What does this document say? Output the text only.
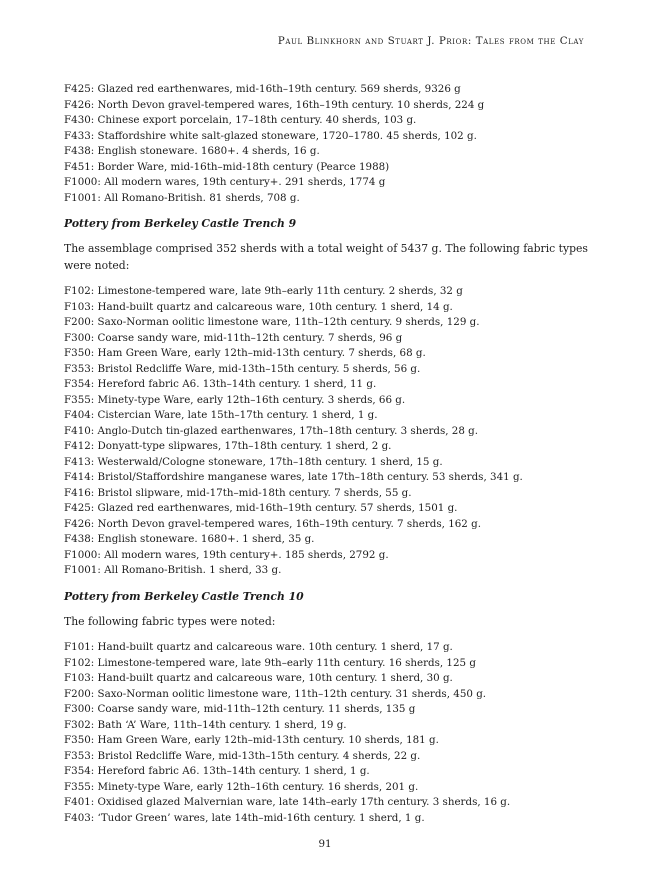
Paul Blinkhorn and Stuart J. Prior: Tales from the Clay
F425: Glazed red earthenwares, mid-16th–19th century. 569 sherds, 9326 g
F426: North Devon gravel-tempered wares, 16th–19th century. 10 sherds, 224 g
F430: Chinese export porcelain, 17–18th century. 40 sherds, 103 g.
F433: Staffordshire white salt-glazed stoneware, 1720–1780. 45 sherds, 102 g.
F438: English stoneware. 1680+. 4 sherds, 16 g.
F451: Border Ware, mid-16th–mid-18th century (Pearce 1988)
F1000: All modern wares, 19th century+. 291 sherds, 1774 g
F1001: All Romano-British. 81 sherds, 708 g.
Pottery from Berkeley Castle Trench 9
The assemblage comprised 352 sherds with a total weight of 5437 g. The following fabric types were noted:
F102: Limestone-tempered ware, late 9th–early 11th century. 2 sherds, 32 g
F103: Hand-built quartz and calcareous ware, 10th century. 1 sherd, 14 g.
F200: Saxo-Norman oolitic limestone ware, 11th–12th century. 9 sherds, 129 g.
F300: Coarse sandy ware, mid-11th–12th century. 7 sherds, 96 g
F350: Ham Green Ware, early 12th–mid-13th century. 7 sherds, 68 g.
F353: Bristol Redcliffe Ware, mid-13th–15th century. 5 sherds, 56 g.
F354: Hereford fabric A6. 13th–14th century. 1 sherd, 11 g.
F355: Minety-type Ware, early 12th–16th century. 3 sherds, 66 g.
F404: Cistercian Ware, late 15th–17th century. 1 sherd, 1 g.
F410: Anglo-Dutch tin-glazed earthenwares, 17th–18th century. 3 sherds, 28 g.
F412: Donyatt-type slipwares, 17th–18th century. 1 sherd, 2 g.
F413: Westerwald/Cologne stoneware, 17th–18th century. 1 sherd, 15 g.
F414: Bristol/Staffordshire manganese wares, late 17th–18th century. 53 sherds, 341 g.
F416: Bristol slipware, mid-17th–mid-18th century. 7 sherds, 55 g.
F425: Glazed red earthenwares, mid-16th–19th century. 57 sherds, 1501 g.
F426: North Devon gravel-tempered wares, 16th–19th century. 7 sherds, 162 g.
F438: English stoneware. 1680+. 1 sherd, 35 g.
F1000: All modern wares, 19th century+. 185 sherds, 2792 g.
F1001: All Romano-British. 1 sherd, 33 g.
Pottery from Berkeley Castle Trench 10
The following fabric types were noted:
F101: Hand-built quartz and calcareous ware. 10th century. 1 sherd, 17 g.
F102: Limestone-tempered ware, late 9th–early 11th century. 16 sherds, 125 g
F103: Hand-built quartz and calcareous ware, 10th century. 1 sherd, 30 g.
F200: Saxo-Norman oolitic limestone ware, 11th–12th century. 31 sherds, 450 g.
F300: Coarse sandy ware, mid-11th–12th century. 11 sherds, 135 g
F302: Bath ‘A’ Ware, 11th–14th century. 1 sherd, 19 g.
F350: Ham Green Ware, early 12th–mid-13th century. 10 sherds, 181 g.
F353: Bristol Redcliffe Ware, mid-13th–15th century. 4 sherds, 22 g.
F354: Hereford fabric A6. 13th–14th century. 1 sherd, 1 g.
F355: Minety-type Ware, early 12th–16th century. 16 sherds, 201 g.
F401: Oxidised glazed Malvernian ware, late 14th–early 17th century. 3 sherds, 16 g.
F403: ‘Tudor Green’ wares, late 14th–mid-16th century. 1 sherd, 1 g.
91
